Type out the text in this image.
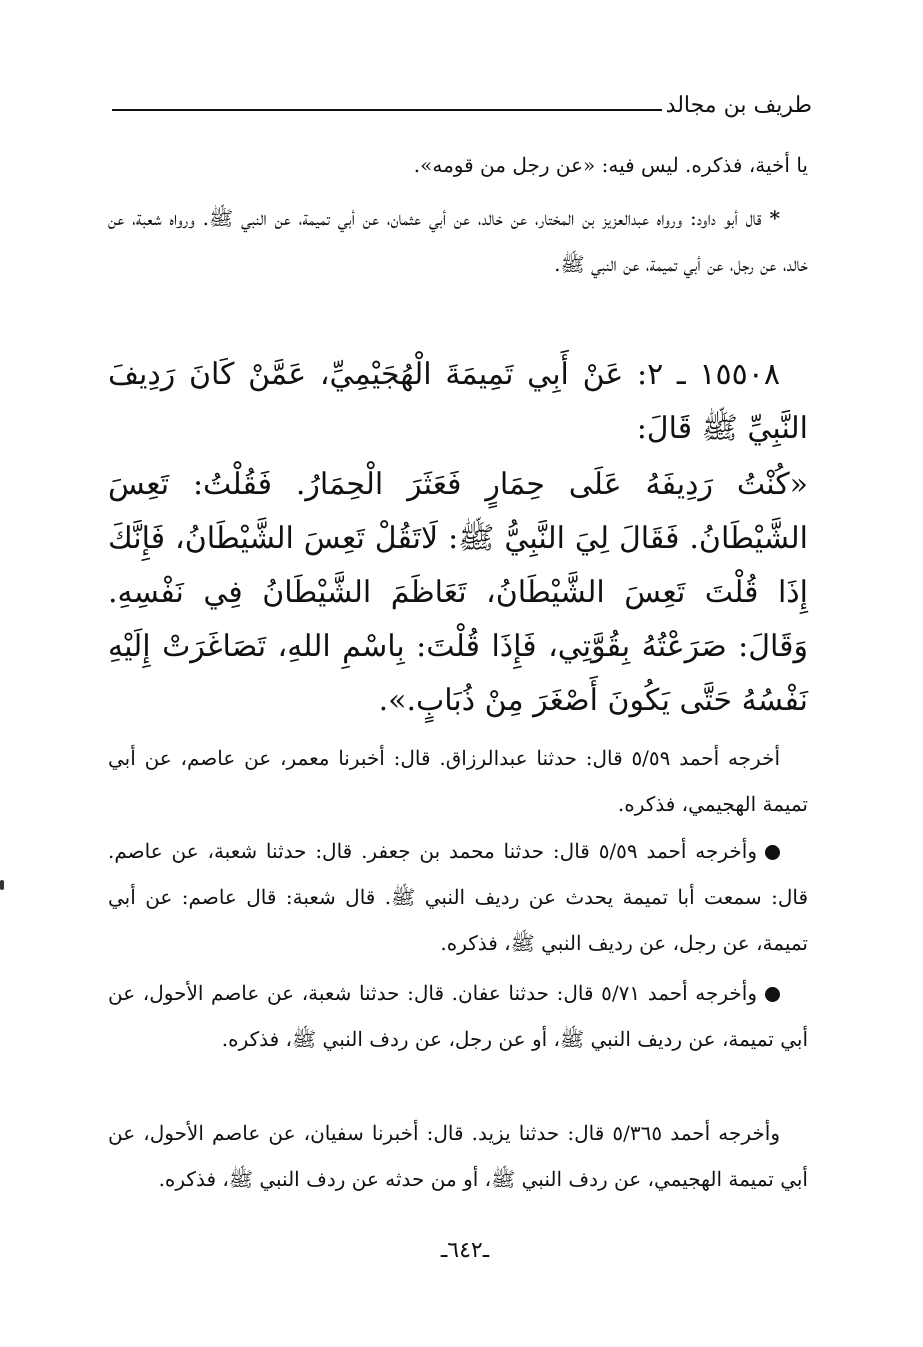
طريف بن مجالد
يا أخية، فذكره. ليس فيه: «عن رجل من قومه».
*قال أبو داود: ورواه عبدالعزيز بن المختار، عن خالد، عن أبي عثمان، عن أبي تميمة، عن النبي ﷺ. ورواه شعبة، عن خالد، عن رجل، عن أبي تميمة، عن النبي ﷺ.
١٥٥٠٨ ـ ٢: عَنْ أَبِي تَمِيمَةَ الْهُجَيْمِيِّ، عَمَّنْ كَانَ رَدِيفَ النَّبِيِّ ﷺ قَالَ:
«كُنْتُ رَدِيفَهُ عَلَى حِمَارٍ فَعَثَرَ الْحِمَارُ. فَقُلْتُ: تَعِسَ الشَّيْطَانُ. فَقَالَ لِيَ النَّبِيُّ ﷺ: لَاتَقُلْ تَعِسَ الشَّيْطَانُ، فَإِنَّكَ إِذَا قُلْتَ تَعِسَ الشَّيْطَانُ، تَعَاظَمَ الشَّيْطَانُ فِي نَفْسِهِ. وَقَالَ: صَرَعْتُهُ بِقُوَّتِي، فَإِذَا قُلْتَ: بِاسْمِ اللهِ، تَصَاغَرَتْ إِلَيْهِ نَفْسُهُ حَتَّى يَكُونَ أَصْغَرَ مِنْ ذُبَابٍ.».
أخرجه أحمد ٥/٥٩ قال: حدثنا عبدالرزاق. قال: أخبرنا معمر، عن عاصم، عن أبي تميمة الهجيمي، فذكره.
وأخرجه أحمد ٥/٥٩ قال: حدثنا محمد بن جعفر. قال: حدثنا شعبة، عن عاصم. قال: سمعت أبا تميمة يحدث عن رديف النبي ﷺ. قال شعبة: قال عاصم: عن أبي تميمة، عن رجل، عن رديف النبي ﷺ، فذكره.
وأخرجه أحمد ٥/٧١ قال: حدثنا عفان. قال: حدثنا شعبة، عن عاصم الأحول، عن أبي تميمة، عن رديف النبي ﷺ، أو عن رجل، عن ردف النبي ﷺ، فذكره.
وأخرجه أحمد ٥/٣٦٥ قال: حدثنا يزيد. قال: أخبرنا سفيان، عن عاصم الأحول، عن أبي تميمة الهجيمي، عن ردف النبي ﷺ، أو من حدثه عن ردف النبي ﷺ، فذكره.
ـ٦٤٢ـ
